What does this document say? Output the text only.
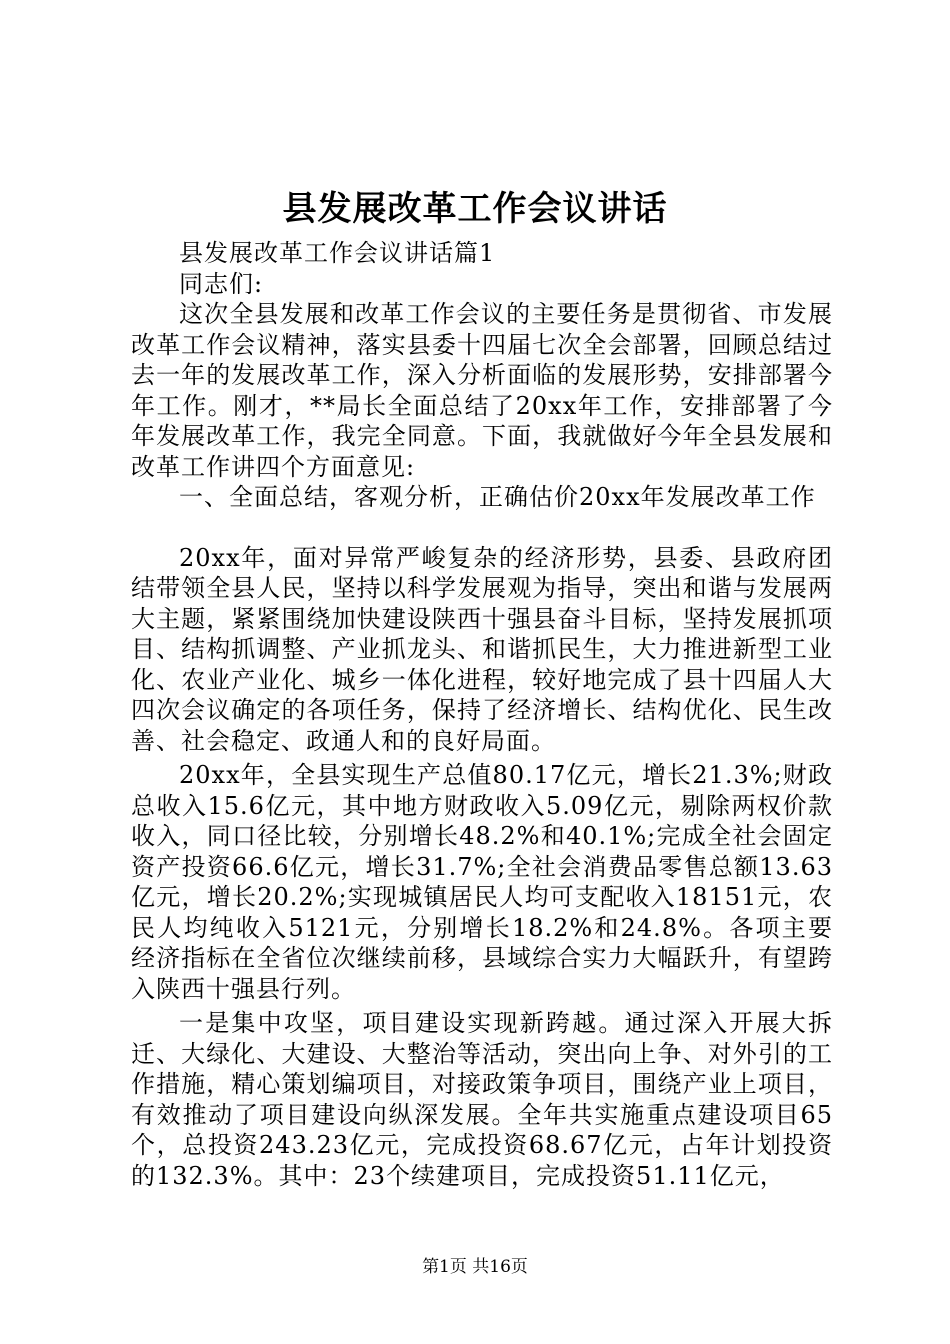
县发展改革工作会议讲话

县发展改革工作会议讲话篇1

同志们:

这次全县发展和改革工作会议的主要任务是贯彻省、市发展改革工作会议精神，落实县委十四届七次全会部署，回顾总结过去一年的发展改革工作，深入分析面临的发展形势，安排部署今年工作。刚才，**局长全面总结了20xx年工作，安排部署了今年发展改革工作，我完全同意。下面，我就做好今年全县发展和改革工作讲四个方面意见:

一、全面总结，客观分析，正确估价20xx年发展改革工作

20xx年，面对异常严峻复杂的经济形势，县委、县政府团结带领全县人民，坚持以科学发展观为指导，突出和谐与发展两大主题，紧紧围绕加快建设陕西十强县奋斗目标，坚持发展抓项目、结构抓调整、产业抓龙头、和谐抓民生，大力推进新型工业化、农业产业化、城乡一体化进程，较好地完成了县十四届人大四次会议确定的各项任务，保持了经济增长、结构优化、民生改善、社会稳定、政通人和的良好局面。

20xx年，全县实现生产总值80.17亿元，增长21.3%;财政总收入15.6亿元，其中地方财政收入5.09亿元，剔除两权价款收入，同口径比较，分别增长48.2%和40.1%;完成全社会固定资产投资66.6亿元，增长31.7%;全社会消费品零售总额13.63亿元，增长20.2%;实现城镇居民人均可支配收入18151元，农民人均纯收入5121元，分别增长18.2%和24.8%。各项主要经济指标在全省位次继续前移，县域综合实力大幅跃升，有望跨入陕西十强县行列。

一是集中攻坚，项目建设实现新跨越。通过深入开展大拆迁、大绿化、大建设、大整治等活动，突出向上争、对外引的工作措施，精心策划编项目，对接政策争项目，围绕产业上项目，有效推动了项目建设向纵深发展。全年共实施重点建设项目65个，总投资243.23亿元，完成投资68.67亿元，占年计划投资的132.3%。其中：23个续建项目，完成投资51.11亿元，

第1页 共16页
